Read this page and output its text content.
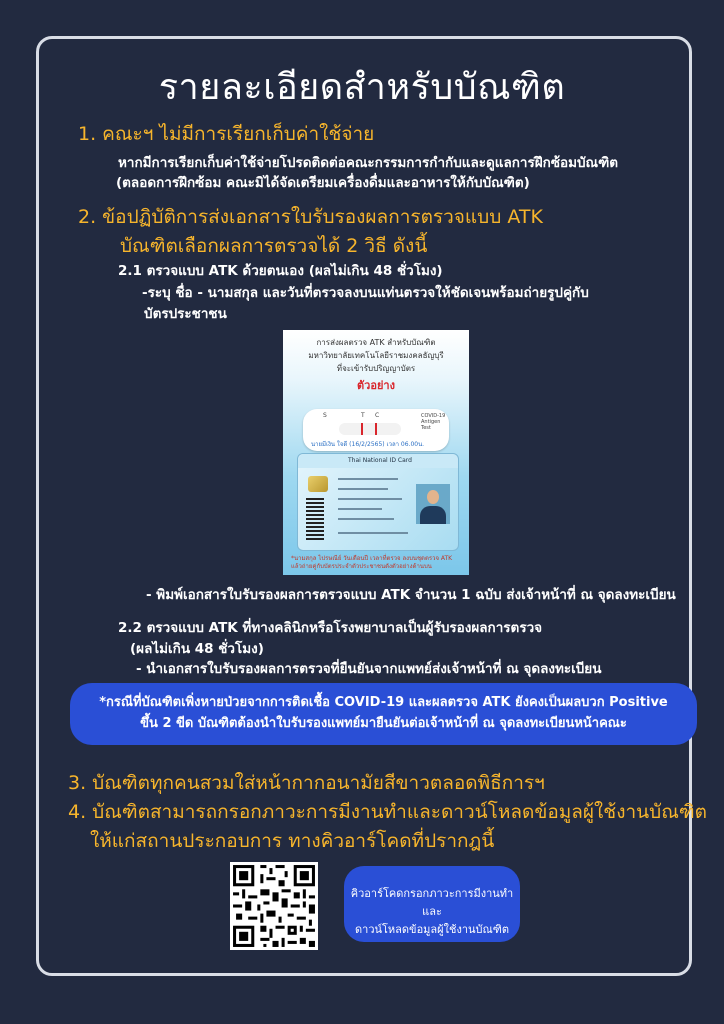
รายละเอียดสำหรับบัณฑิต
1. คณะฯ ไม่มีการเรียกเก็บค่าใช้จ่าย
หากมีการเรียกเก็บค่าใช้จ่ายโปรดติดต่อคณะกรรมการกำกับและดูแลการฝึกซ้อมบัณฑิต
(ตลอดการฝึกซ้อม คณะมิได้จัดเตรียมเครื่องดื่มและอาหารให้กับบัณฑิต)
2. ข้อปฏิบัติการส่งเอกสารใบรับรองผลการตรวจแบบ ATK
บัณฑิตเลือกผลการตรวจได้ 2 วิธี ดังนี้
2.1 ตรวจแบบ ATK ด้วยตนเอง (ผลไม่เกิน 48 ชั่วโมง)
-ระบุ ชื่อ - นามสกุล และวันที่ตรวจลงบนแท่นตรวจให้ชัดเจนพร้อมถ่ายรูปคู่กับ
บัตรประชาชน
การส่งผลตรวจ ATK สำหรับบัณฑิต
มหาวิทยาลัยเทคโนโลยีราชมงคลธัญบุรี
ที่จะเข้ารับปริญญาบัตร
ตัวอย่าง
S	T C
นายมีเงิน ใจดี (16/2/2565) เวลา 06.00น.
COVID-19 Antigen Test
Thai National ID Card
*นามสกุล ไปรษณีย์ วันเดือนปี เวลาที่ตรวจ ลงบนชุดตรวจ ATK แล้วถ่ายคู่กับบัตรประจำตัวประชาชนดังตัวอย่างด้านบน
- พิมพ์เอกสารใบรับรองผลการตรวจแบบ ATK จำนวน 1 ฉบับ ส่งเจ้าหน้าที่ ณ จุดลงทะเบียน
2.2 ตรวจแบบ ATK ที่ทางคลินิกหรือโรงพยาบาลเป็นผู้รับรองผลการตรวจ
(ผลไม่เกิน 48 ชั่วโมง)
- นำเอกสารใบรับรองผลการตรวจที่ยืนยันจากแพทย์ส่งเจ้าหน้าที่ ณ จุดลงทะเบียน
*กรณีที่บัณฑิตเพิ่งหายป่วยจากการติดเชื้อ COVID-19 และผลตรวจ ATK ยังคงเป็นผลบวก Positive
ขึ้น 2 ขีด บัณฑิตต้องนำใบรับรองแพทย์มายืนยันต่อเจ้าหน้าที่ ณ จุดลงทะเบียนหน้าคณะ
3. บัณฑิตทุกคนสวมใส่หน้ากากอนามัยสีขาวตลอดพิธีการฯ
4. บัณฑิตสามารถกรอกภาวะการมีงานทำและดาวน์โหลดข้อมูลผู้ใช้งานบัณฑิต
ให้แก่สถานประกอบการ ทางคิวอาร์โคดที่ปรากฎนี้
คิวอาร์โคดกรอกภาวะการมีงานทำและ
ดาวน์โหลดข้อมูลผู้ใช้งานบัณฑิต
